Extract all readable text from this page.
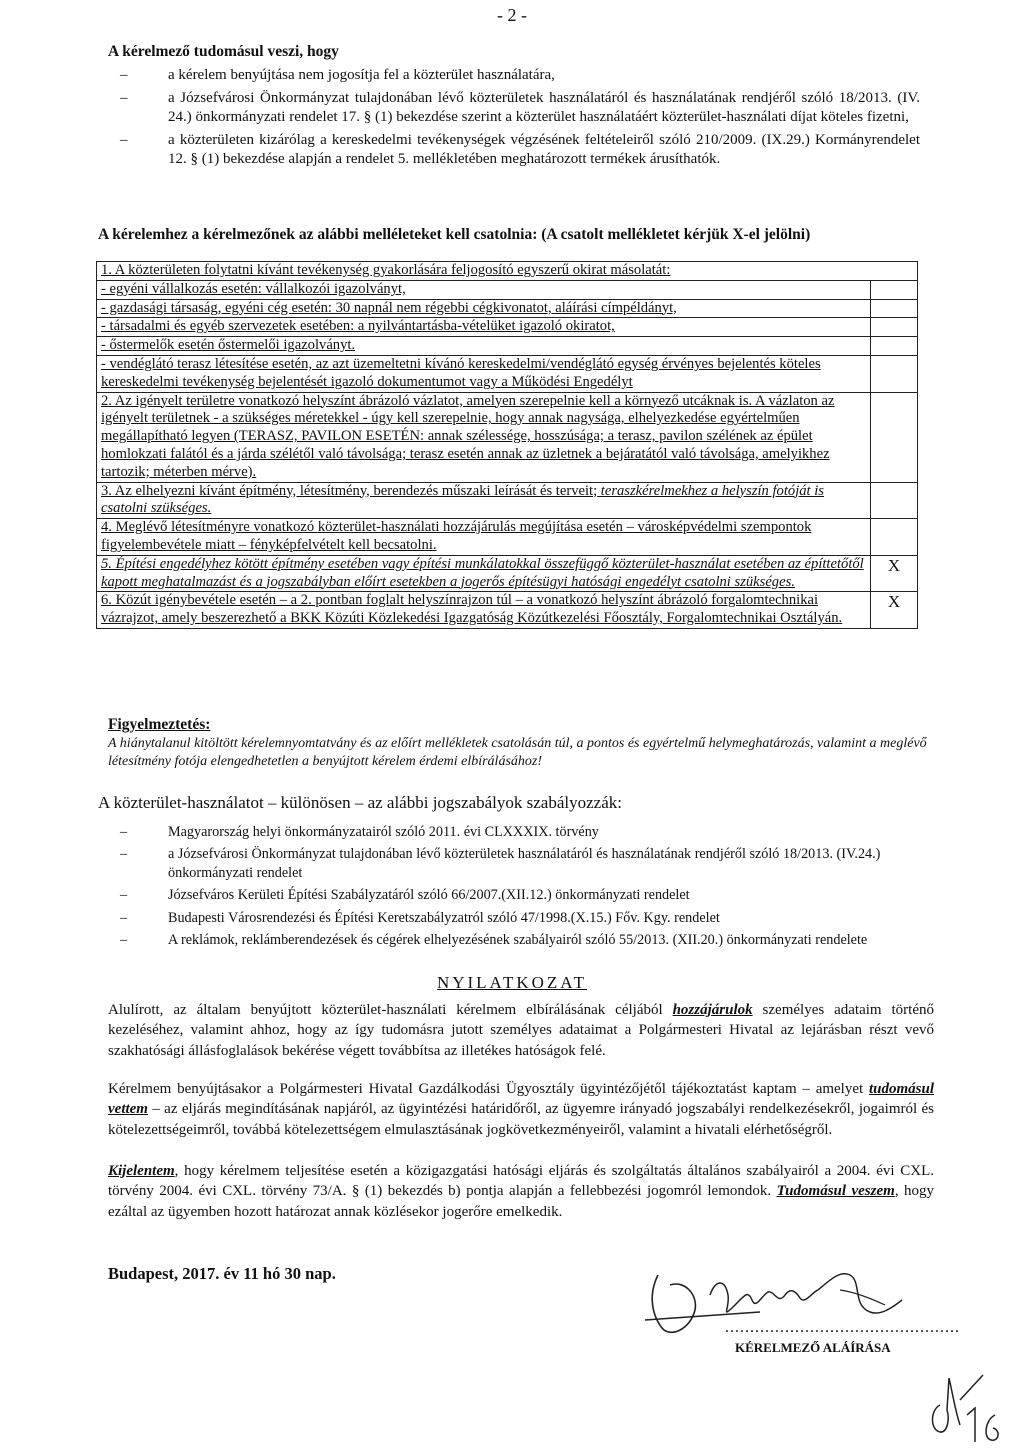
- 2 -
A kérelmező tudomásul veszi, hogy
– a kérelem benyújtása nem jogosítja fel a közterület használatára,
– a Józsefvárosi Önkormányzat tulajdonában lévő közterületek használatáról és használatának rendjéről szóló 18/2013. (IV. 24.) önkormányzati rendelet 17. § (1) bekezdése szerint a közterület használatáért közterület-használati díjat köteles fizetni,
– a közterületen kizárólag a kereskedelmi tevékenységek végzésének feltételeiről szóló 210/2009. (IX.29.) Kormányrendelet 12. § (1) bekezdése alapján a rendelet 5. mellékletében meghatározott termékek árusíthatók.
A kérelemhez a kérelmezőnek az alábbi melléleteket kell csatolnia: (A csatolt mellékletet kérjük X-el jelölni)
1. A közterületen folytatni kívánt tevékenység gyakorlására feljogosító egyszerű okirat másolatát:	
- egyéni vállalkozás esetén: vállalkozói igazolványt,	
- gazdasági társaság, egyéni cég esetén: 30 napnál nem régebbi cégkivonatot, aláírási címpéldányt,	
- társadalmi és egyéb szervezetek esetében: a nyilvántartásba-vételüket igazoló okiratot,	
- őstermelők esetén őstermelői igazolványt.	
- vendéglátó terasz létesítése esetén, az azt üzemeltetni kívánó kereskedelmi/vendéglátó egység érvényes bejelentés köteles kereskedelmi tevékenység bejelentését igazoló dokumentumot vagy a Működési Engedélyt	
2. Az igényelt területre vonatkozó helyszínt ábrázoló vázlatot, amelyen szerepelnie kell a környező utcáknak is. A vázlaton az igényelt területnek - a szükséges méretekkel - úgy kell szerepelnie, hogy annak nagysága, elhelyezkedése egyértelműen megállapítható legyen (TERASZ, PAVILON ESETÉN: annak szélessége, hosszúsága; a terasz, pavilon szélének az épület homlokzati falától és a járda szélétől való távolsága; terasz esetén annak az üzletnek a bejáratától való távolsága, amelyikhez tartozik; méterben mérve).	
3. Az elhelyezni kívánt építmény, létesítmény, berendezés műszaki leírását és terveit; teraszkérelmekhez a helyszín fotóját is csatolni szükséges.	
4. Meglévő létesítményre vonatkozó közterület-használati hozzájárulás megújítása esetén – városképvédelmi szempontok figyelembevétele miatt – fényképfelvételt kell becsatolni.	
5. Építési engedélyhez kötött építmény esetében vagy építési munkálatokkal összefüggő közterület-használat esetében az építtetőtől kapott meghatalmazást és a jogszabályban előírt esetekben a jogerős építésügyi hatósági engedélyt csatolni szükséges.	X
6. Közút igénybevétele esetén – a 2. pontban foglalt helyszínrajzon túl – a vonatkozó helyszínt ábrázoló forgalomtechnikai vázrajzot, amely beszerezhető a BKK Közúti Közlekedési Igazgatóság Közútkezelési Főosztály, Forgalomtechnikai Osztályán.	X
Figyelmeztetés:
A hiánytalanul kitöltött kérelemnyomtatvány és az előírt mellékletek csatolásán túl, a pontos és egyértelmű helymeghatározás, valamint a meglévő létesítmény fotója elengedhetetlen a benyújtott kérelem érdemi elbírálásához!
A közterület-használatot – különösen – az alábbi jogszabályok szabályozzák:
– Magyarország helyi önkormányzatairól szóló 2011. évi CLXXXIX. törvény
– a Józsefvárosi Önkormányzat tulajdonában lévő közterületek használatáról és használatának rendjéről szóló 18/2013. (IV.24.) önkormányzati rendelet
– Józsefváros Kerületi Építési Szabályzatáról szóló 66/2007.(XII.12.) önkormányzati rendelet
– Budapesti Városrendezési és Építési Keretszabályzatról szóló 47/1998.(X.15.) Főv. Kgy. rendelet
– A reklámok, reklámberendezések és cégérek elhelyezésének szabályairól szóló 55/2013. (XII.20.) önkormányzati rendelete
NYILATKOZAT
Alulírott, az általam benyújtott közterület-használati kérelmem elbírálásának céljából hozzájárulok személyes adataim történő kezeléséhez, valamint ahhoz, hogy az így tudomásra jutott személyes adataimat a Polgármesteri Hivatal az lejárásban részt vevő szakhatósági állásfoglalások bekérése végett továbbítsa az illetékes hatóságok felé.
Kérelmem benyújtásakor a Polgármesteri Hivatal Gazdálkodási Ügyosztály ügyintézőjétől tájékoztatást kaptam – amelyet tudomásul vettem – az eljárás megindításának napjáról, az ügyintézési határidőről, az ügyemre irányadó jogszabályi rendelkezésekről, jogaimról és kötelezettségeimről, továbbá kötelezettségem elmulasztásának jogkövetkezményeiről, valamint a hivatali elérhetőségről.
Kijelentem, hogy kérelmem teljesítése esetén a közigazgatási hatósági eljárás és szolgáltatás általános szabályairól a 2004. évi CXL. törvény 2004. évi CXL. törvény 73/A. § (1) bekezdés b) pontja alapján a fellebbezési jogomról lemondok. Tudomásul veszem, hogy ezáltal az ügyemben hozott határozat annak közlésekor jogerőre emelkedik.
Budapest, 2017. év 11 hó 30 nap.
...............................................
KÉRELMEZŐ ALÁÍRÁSA
